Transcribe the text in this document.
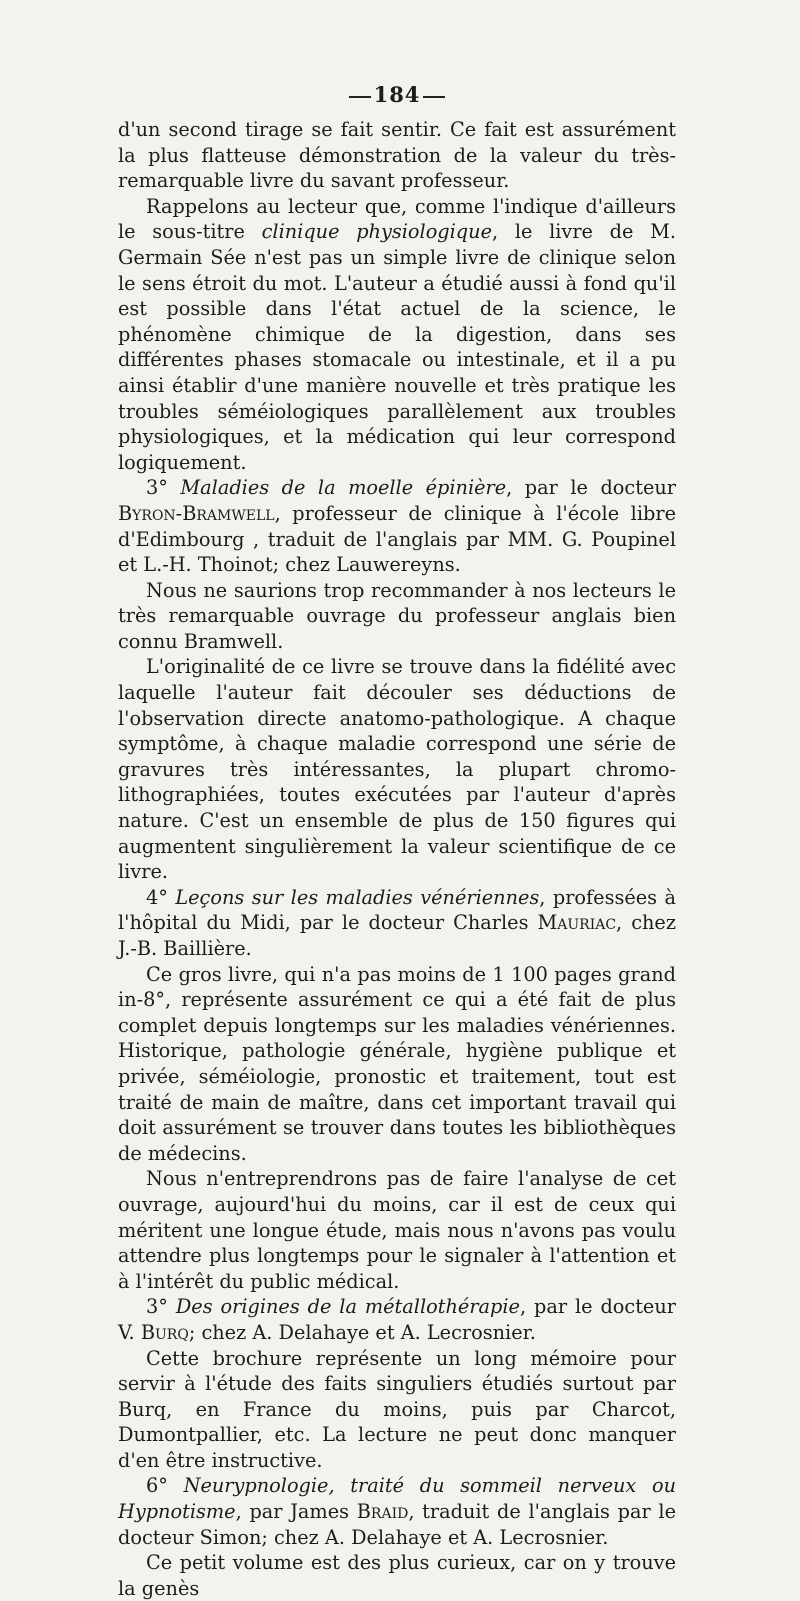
184

d'un second tirage se fait sentir. Ce fait est assurément la plus flatteuse démonstration de la valeur du très-remarquable livre du savant professeur.

Rappelons au lecteur que, comme l'indique d'ailleurs le sous-titre clinique physiologique, le livre de M. Germain Sée n'est pas un simple livre de clinique selon le sens étroit du mot. L'auteur a étudié aussi à fond qu'il est possible dans l'état actuel de la science, le phénomène chimique de la digestion, dans ses différentes phases stomacale ou intestinale, et il a pu ainsi établir d'une manière nouvelle et très pratique les troubles séméiologiques parallèlement aux troubles physiologiques, et la médication qui leur correspond logiquement.

3° Maladies de la moelle épinière, par le docteur Byron-Bramwell, professeur de clinique à l'école libre d'Edimbourg , traduit de l'anglais par MM. G. Poupinel et L.-H. Thoinot; chez Lauwereyns.

Nous ne saurions trop recommander à nos lecteurs le très remarquable ouvrage du professeur anglais bien connu Bramwell.

L'originalité de ce livre se trouve dans la fidélité avec laquelle l'auteur fait découler ses déductions de l'observation directe anatomo-pathologique. A chaque symptôme, à chaque maladie correspond une série de gravures très intéressantes, la plupart chromo-lithographiées, toutes exécutées par l'auteur d'après nature. C'est un ensemble de plus de 150 figures qui augmentent singulièrement la valeur scientifique de ce livre.

4° Leçons sur les maladies vénériennes, professées à l'hôpital du Midi, par le docteur Charles Mauriac, chez J.-B. Baillière.

Ce gros livre, qui n'a pas moins de 1 100 pages grand in-8°, représente assurément ce qui a été fait de plus complet depuis longtemps sur les maladies vénériennes. Historique, pathologie générale, hygiène publique et privée, séméiologie, pronostic et traitement, tout est traité de main de maître, dans cet important travail qui doit assurément se trouver dans toutes les bibliothèques de médecins.

Nous n'entreprendrons pas de faire l'analyse de cet ouvrage, aujourd'hui du moins, car il est de ceux qui méritent une longue étude, mais nous n'avons pas voulu attendre plus longtemps pour le signaler à l'attention et à l'intérêt du public médical.

3° Des origines de la métallothérapie, par le docteur V. Burq; chez A. Delahaye et A. Lecrosnier.

Cette brochure représente un long mémoire pour servir à l'étude des faits singuliers étudiés surtout par Burq, en France du moins, puis par Charcot, Dumontpallier, etc. La lecture ne peut donc manquer d'en être instructive.

6° Neurypnologie, traité du sommeil nerveux ou Hypnotisme, par James Braid, traduit de l'anglais par le docteur Simon; chez A. Delahaye et A. Lecrosnier.

Ce petit volume est des plus curieux, car on y trouve la genès
